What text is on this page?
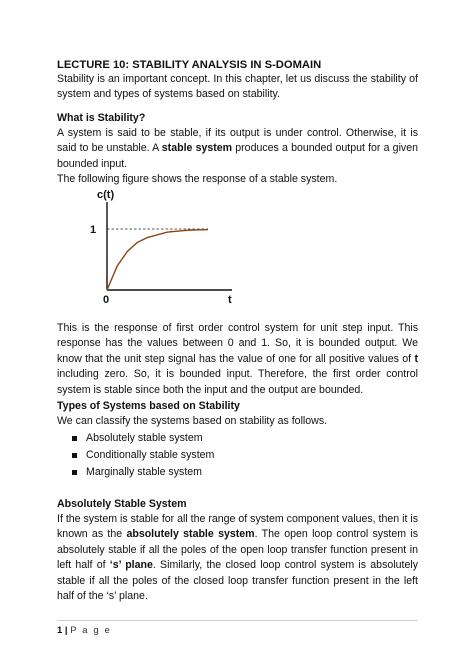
LECTURE 10: STABILITY ANALYSIS IN S-DOMAIN
Stability is an important concept. In this chapter, let us discuss the stability of system and types of systems based on stability.
What is Stability?
A system is said to be stable, if its output is under control. Otherwise, it is said to be unstable. A stable system produces a bounded output for a given bounded input.
The following figure shows the response of a stable system.
c(t)
t
0
1
This is the response of first order control system for unit step input. This response has the values between 0 and 1. So, it is bounded output. We know that the unit step signal has the value of one for all positive values of t including zero. So, it is bounded input. Therefore, the first order control system is stable since both the input and the output are bounded.
Types of Systems based on Stability
We can classify the systems based on stability as follows.
Absolutely stable system
Conditionally stable system
Marginally stable system
Absolutely Stable System
If the system is stable for all the range of system component values, then it is known as the absolutely stable system. The open loop control system is absolutely stable if all the poles of the open loop transfer function present in left half of ‘s’ plane. Similarly, the closed loop control system is absolutely stable if all the poles of the closed loop transfer function present in the left half of the ‘s’ plane.
1 | P a g e
